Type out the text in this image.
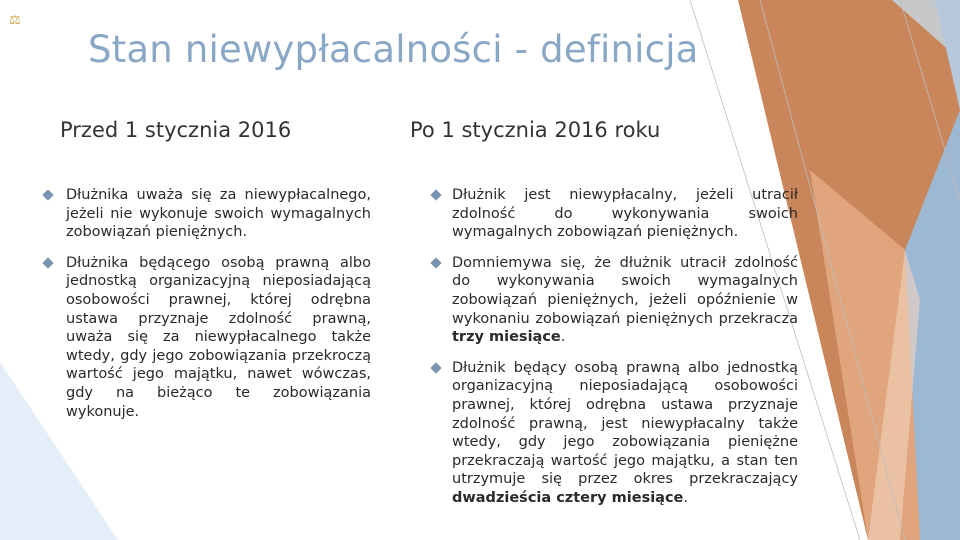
⚖
Stan niewypłacalności - definicja
Przed 1 stycznia 2016	Po 1 stycznia 2016 roku
Dłużnika uważa się za niewypłacalnego, jeżeli nie wykonuje swoich wymagalnych zobowiązań pieniężnych.
Dłużnika będącego osobą prawną albo jednostką organizacyjną nieposiadającą osobowości prawnej, której odrębna ustawa przyznaje zdolność prawną, uważa się za niewypłacalnego także wtedy, gdy jego zobowiązania przekroczą wartość jego majątku, nawet wówczas, gdy na bieżąco te zobowiązania wykonuje.
Dłużnik jest niewypłacalny, jeżeli utracił zdolność do wykonywania swoich wymagalnych zobowiązań pieniężnych.
Domniemywa się, że dłużnik utracił zdolność do wykonywania swoich wymagalnych zobowiązań pieniężnych, jeżeli opóźnienie w wykonaniu zobowiązań pieniężnych przekracza trzy miesiące.
Dłużnik będący osobą prawną albo jednostką organizacyjną nieposiadającą osobowości prawnej, której odrębna ustawa przyznaje zdolność prawną, jest niewypłacalny także wtedy, gdy jego zobowiązania pieniężne przekraczają wartość jego majątku, a stan ten utrzymuje się przez okres przekraczający dwadzieścia cztery miesiące.
